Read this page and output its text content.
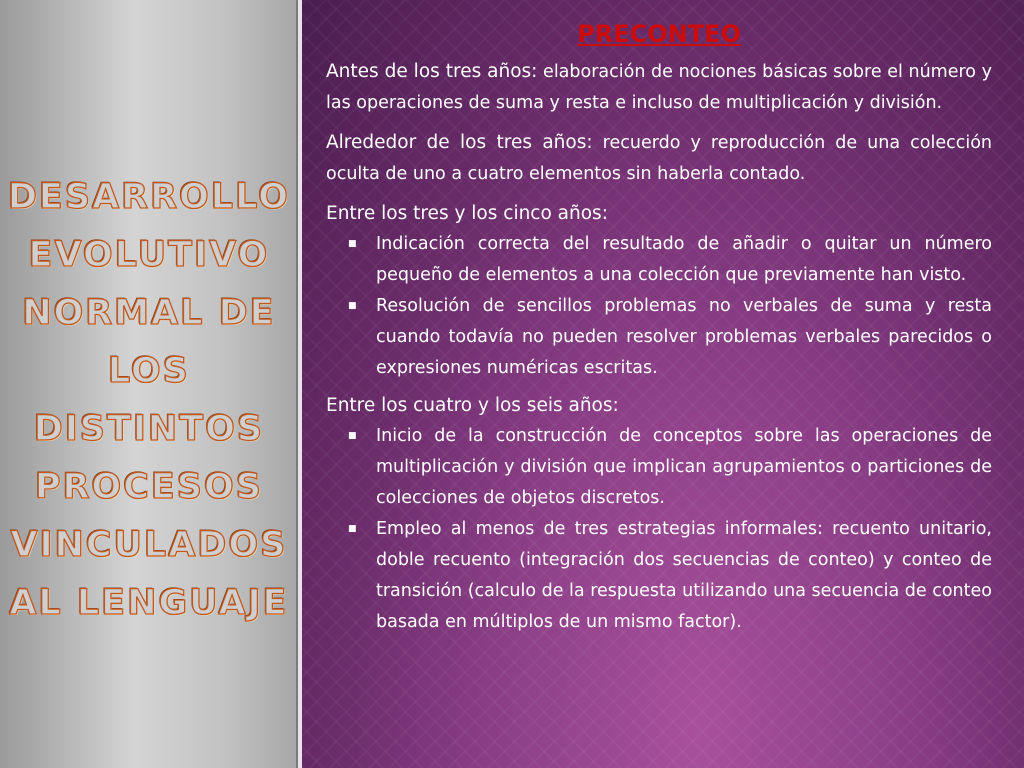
DESARROLLO EVOLUTIVO NORMAL DE LOS DISTINTOS PROCESOS VINCULADOS AL LENGUAJE
PRECONTEO

Antes de los tres años: elaboración de nociones básicas sobre el número y las operaciones de suma y resta e incluso de multiplicación y división.

Alrededor de los tres años: recuerdo y reproducción de una colección oculta de uno a cuatro elementos sin haberla contado.

Entre los tres y los cinco años:

■ Indicación correcta del resultado de añadir o quitar un número pequeño de elementos a una colección que previamente han visto.
■ Resolución de sencillos problemas no verbales de suma y resta cuando todavía no pueden resolver problemas verbales parecidos o expresiones numéricas escritas.

Entre los cuatro y los seis años:

■ Inicio de la construcción de conceptos sobre las operaciones de multiplicación y división que implican agrupamientos o particiones de colecciones de objetos discretos.
■ Empleo al menos de tres estrategias informales: recuento unitario, doble recuento (integración dos secuencias de conteo) y conteo de transición (calculo de la respuesta utilizando una secuencia de conteo basada en múltiplos de un mismo factor).
